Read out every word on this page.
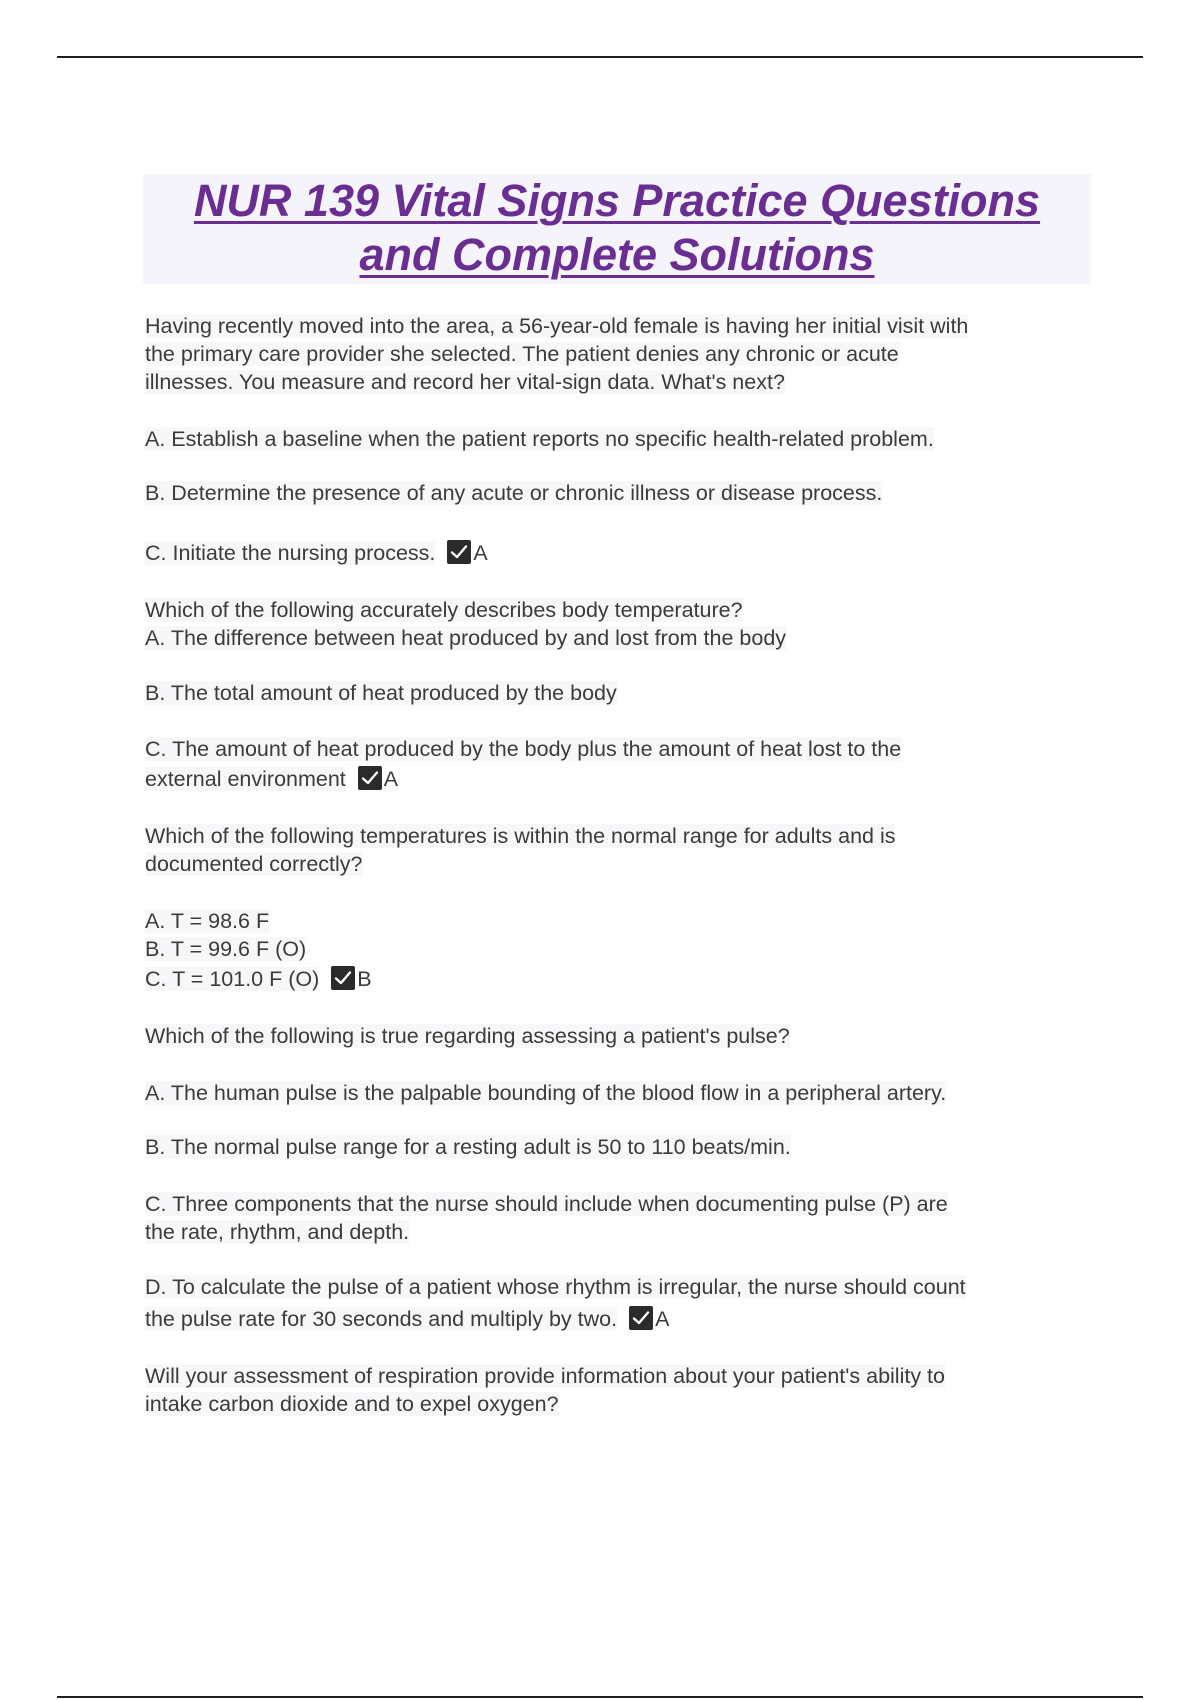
NUR 139 Vital Signs Practice Questions
and Complete Solutions
Having recently moved into the area, a 56-year-old female is having her initial visit with
the primary care provider she selected. The patient denies any chronic or acute
illnesses. You measure and record her vital-sign data. What's next?
A. Establish a baseline when the patient reports no specific health-related problem.
B. Determine the presence of any acute or chronic illness or disease process.
C. Initiate the nursing process. A
Which of the following accurately describes body temperature?
A. The difference between heat produced by and lost from the body
B. The total amount of heat produced by the body
C. The amount of heat produced by the body plus the amount of heat lost to the
external environment A
Which of the following temperatures is within the normal range for adults and is
documented correctly?
A. T = 98.6 F
B. T = 99.6 F (O)
C. T = 101.0 F (O) B
Which of the following is true regarding assessing a patient's pulse?
A. The human pulse is the palpable bounding of the blood flow in a peripheral artery.
B. The normal pulse range for a resting adult is 50 to 110 beats/min.
C. Three components that the nurse should include when documenting pulse (P) are
the rate, rhythm, and depth.
D. To calculate the pulse of a patient whose rhythm is irregular, the nurse should count
the pulse rate for 30 seconds and multiply by two. A
Will your assessment of respiration provide information about your patient's ability to
intake carbon dioxide and to expel oxygen?
